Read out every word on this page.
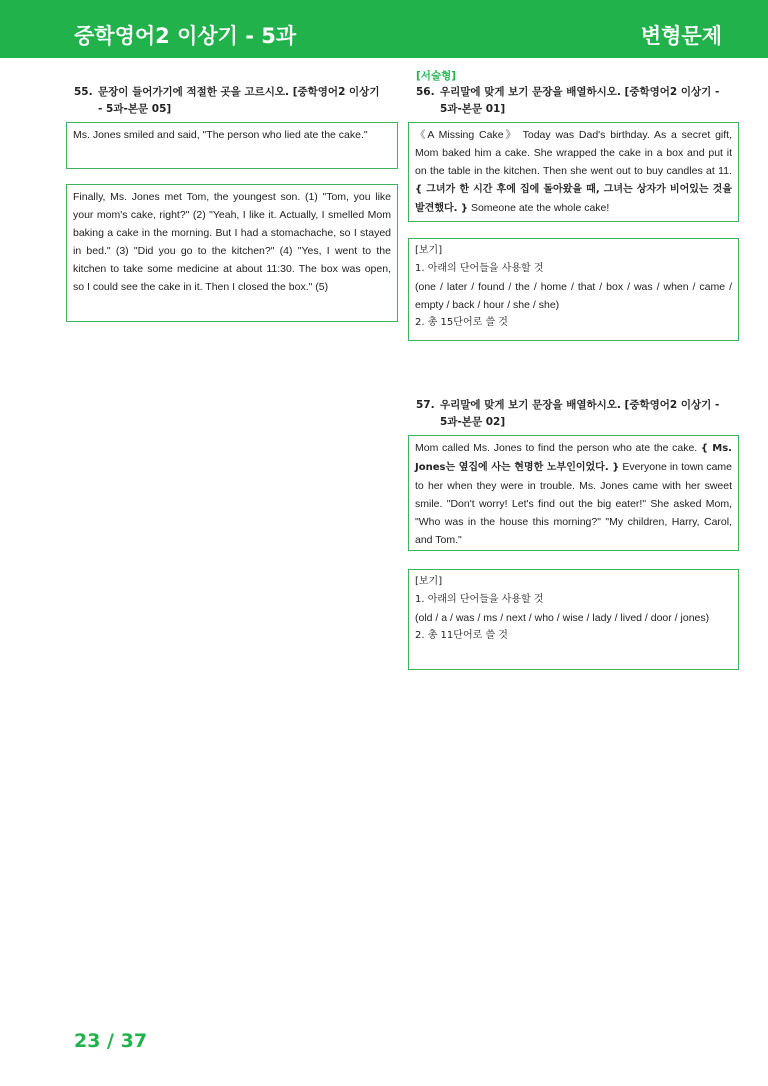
중학영어2 이상기 - 5과	변형문제
55. 문장이 들어가기에 적절한 곳을 고르시오. [중학영어2 이상기
- 5과-본문 05]
Ms. Jones smiled and said, "The person who lied ate the cake."
Finally, Ms. Jones met Tom, the youngest son. (1) "Tom, you like your mom's cake, right?" (2) "Yeah, I like it. Actually, I smelled Mom baking a cake in the morning. But I had a stomachache, so I stayed in bed." (3) "Did you go to the kitchen?" (4) "Yes, I went to the kitchen to take some medicine at about 11:30. The box was open, so I could see the cake in it. Then I closed the box." (5)
[서술형]
56. 우리말에 맞게 보기 문장을 배열하시오. [중학영어2 이상기 -
5과-본문 01]
《A Missing Cake》 Today was Dad's birthday. As a secret gift, Mom baked him a cake. She wrapped the cake in a box and put it on the table in the kitchen. Then she went out to buy candles at 11. { 그녀가 한 시간 후에 집에 돌아왔을 때, 그녀는 상자가 비어있는 것을 발견했다. } Someone ate the whole cake!
[보기]
1. 아래의 단어들을 사용할 것
(one / later / found / the / home / that / box / was / when / came / empty / back / hour / she / she)
2. 총 15단어로 쓸 것
57. 우리말에 맞게 보기 문장을 배열하시오. [중학영어2 이상기 -
5과-본문 02]
Mom called Ms. Jones to find the person who ate the cake. { Ms. Jones는 옆집에 사는 현명한 노부인이었다. } Everyone in town came to her when they were in trouble. Ms. Jones came with her sweet smile. "Don't worry! Let's find out the big eater!" She asked Mom, "Who was in the house this morning?" "My children, Harry, Carol, and Tom."
[보기]
1. 아래의 단어들을 사용할 것
(old / a / was / ms / next / who / wise / lady / lived / door / jones)
2. 총 11단어로 쓸 것
23 / 37
